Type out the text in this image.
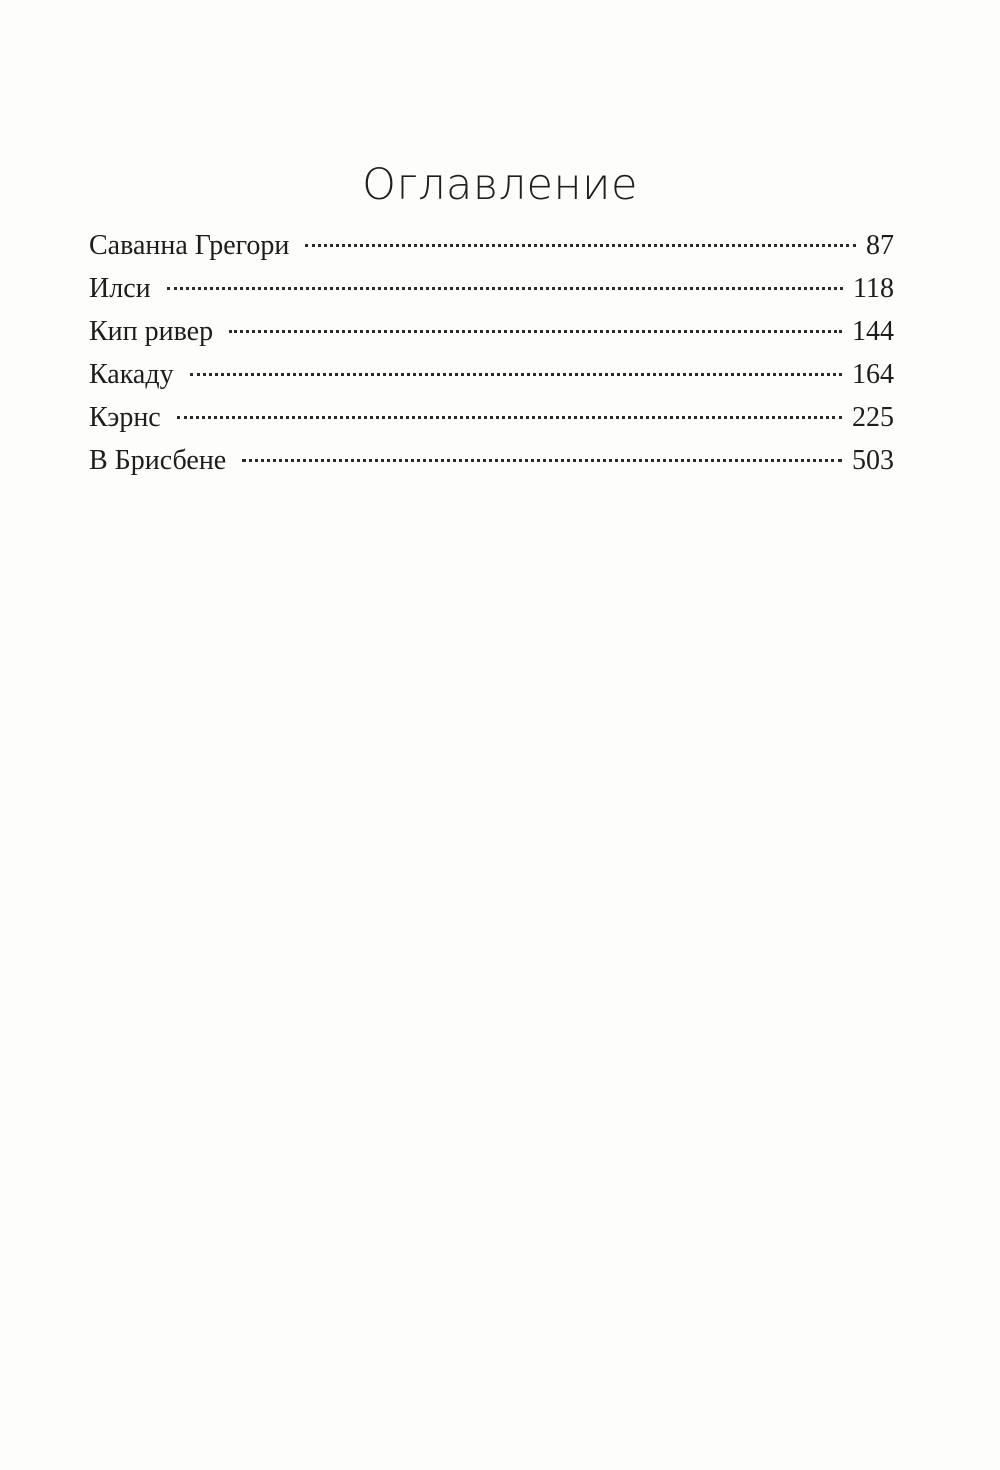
Оглавление
Саванна Грегори	87
Илси	118
Кип ривер	144
Какаду	164
Кэрнс	225
В Брисбене	503
